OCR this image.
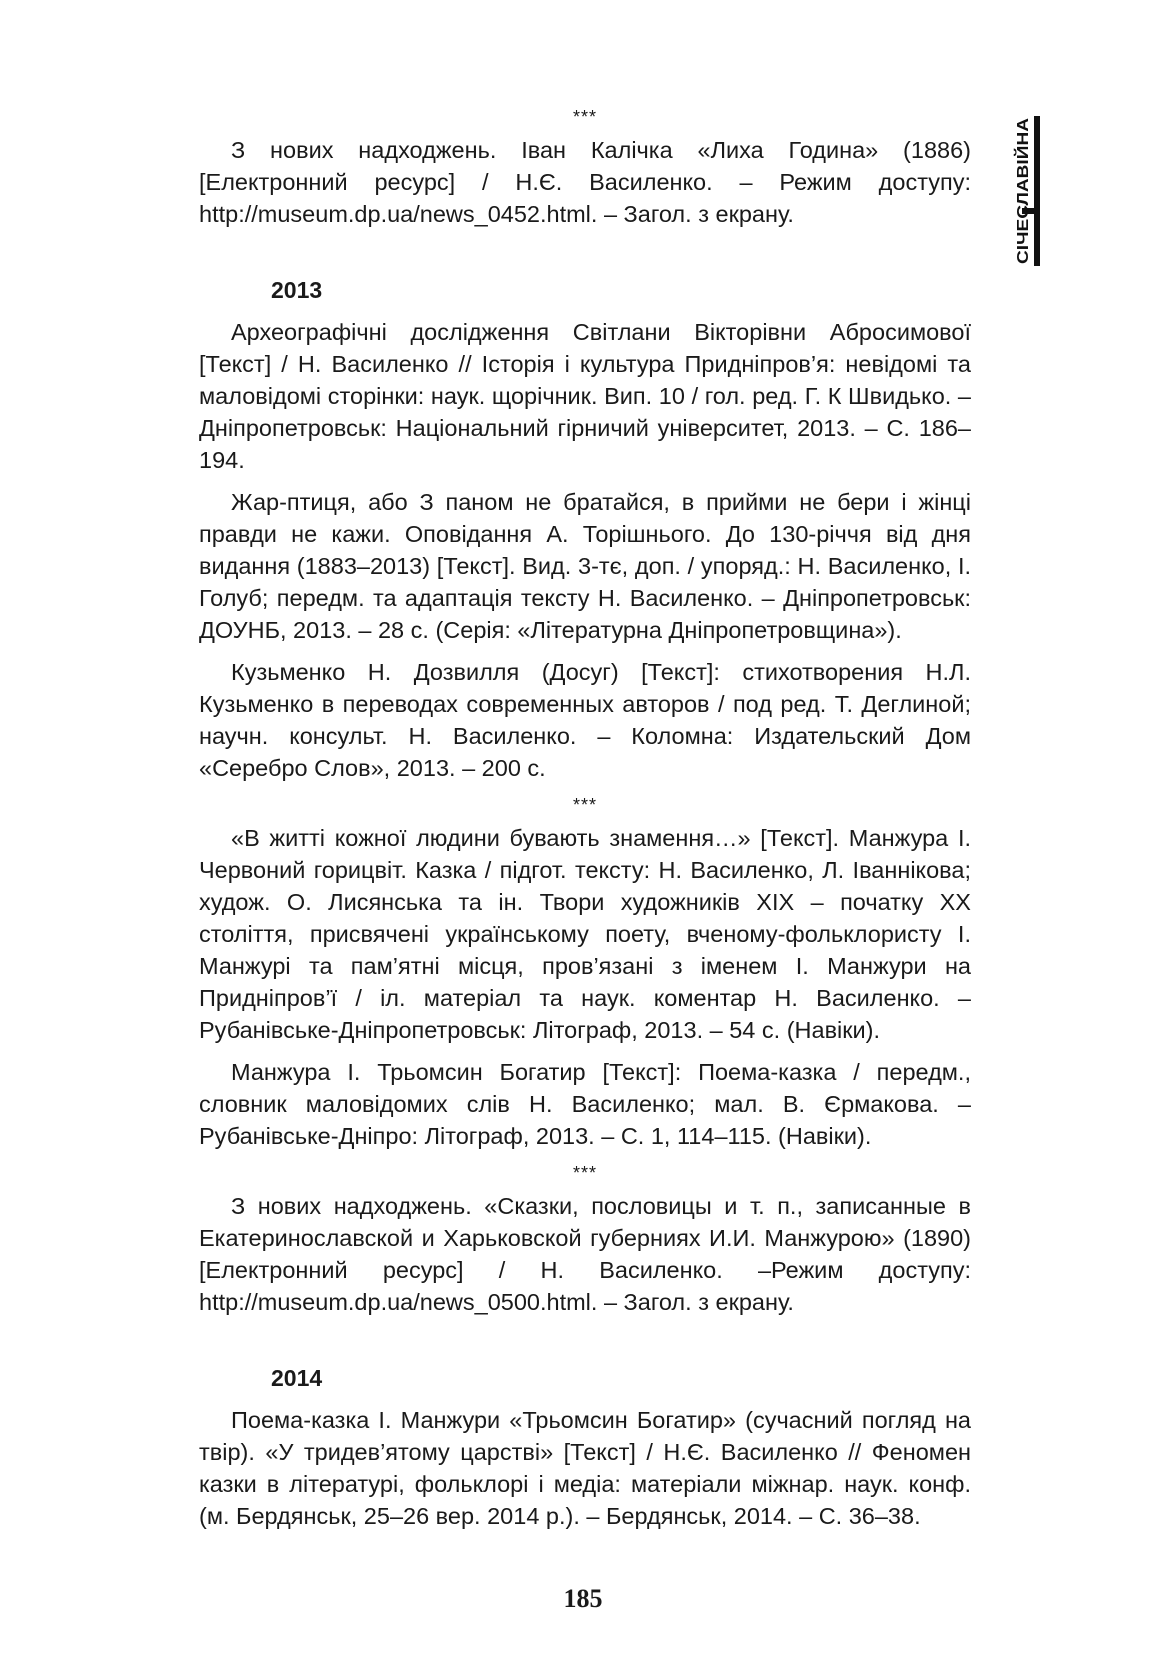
СІЧЕСЛАВІЙНА
***

З нових надходжень. Іван Калічка «Лиха Година» (1886) [Електронний ресурс] / Н.Є. Василенко. – Режим доступу: http://museum.dp.ua/news_0452.html. – Загол. з екрану.

2013

Археографічні дослідження Світлани Вікторівни Абросимової [Текст] / Н. Василенко // Історія і культура Придніпров’я: невідомі та маловідомі сторінки: наук. щорічник. Вип. 10 / гол. ред. Г. К Швидько. – Дніпропетровськ: Національний гірничий університет, 2013. – С. 186–194.

Жар-птиця, або З паном не братайся, в прийми не бери і жінці правди не кажи. Оповідання А. Торішнього. До 130-річчя від дня видання (1883–2013) [Текст]. Вид. 3-тє, доп. / упоряд.: Н. Василенко, І. Голуб; передм. та адаптація тексту Н. Василенко. – Дніпропетровськ: ДОУНБ, 2013. – 28 с. (Серія: «Літературна Дніпропетровщина»).

Кузьменко Н. Дозвилля (Досуг) [Текст]: стихотворения Н.Л. Кузьменко в переводах современных авторов / под ред. Т. Деглиной; научн. консульт. Н. Василенко. – Коломна: Издательский Дом «Серебро Слов», 2013. – 200 с.

***

«В житті кожної людини бувають знамення…» [Текст]. Манжура І. Червоний горицвіт. Казка / підгот. тексту: Н. Василенко, Л. Іваннікова; худож. О. Лисянська та ін. Твори художників XIX – початку XX століття, присвячені українському поету, вченому-фольклористу І. Манжурі та пам’ятні місця, пров’язані з іменем І. Манжури на Придніпров’ї / іл. матеріал та наук. коментар Н. Василенко. – Рубанівське-Дніпропетровськ: Літограф, 2013. – 54 с. (Навіки).

Манжура І. Трьомсин Богатир [Текст]: Поема-казка / передм., словник маловідомих слів Н. Василенко; мал. В. Єрмакова. – Рубанівське-Дніпро: Літограф, 2013. – С. 1, 114–115. (Навіки).

***

З нових надходжень. «Сказки, пословицы и т. п., записанные в Екатеринославской и Харьковской губерниях И.И. Манжурою» (1890) [Електронний ресурс] / Н. Василенко. –Режим доступу: http://museum.dp.ua/news_0500.html. – Загол. з екрану.

2014

Поема-казка І. Манжури «Трьомсин Богатир» (сучасний погляд на твір). «У тридев’ятому царстві» [Текст] / Н.Є. Василенко // Феномен казки в літературі, фольклорі і медіа: матеріали міжнар. наук. конф. (м. Бердянськ, 25–26 вер. 2014 р.). – Бердянськ, 2014. – С. 36–38.

185
